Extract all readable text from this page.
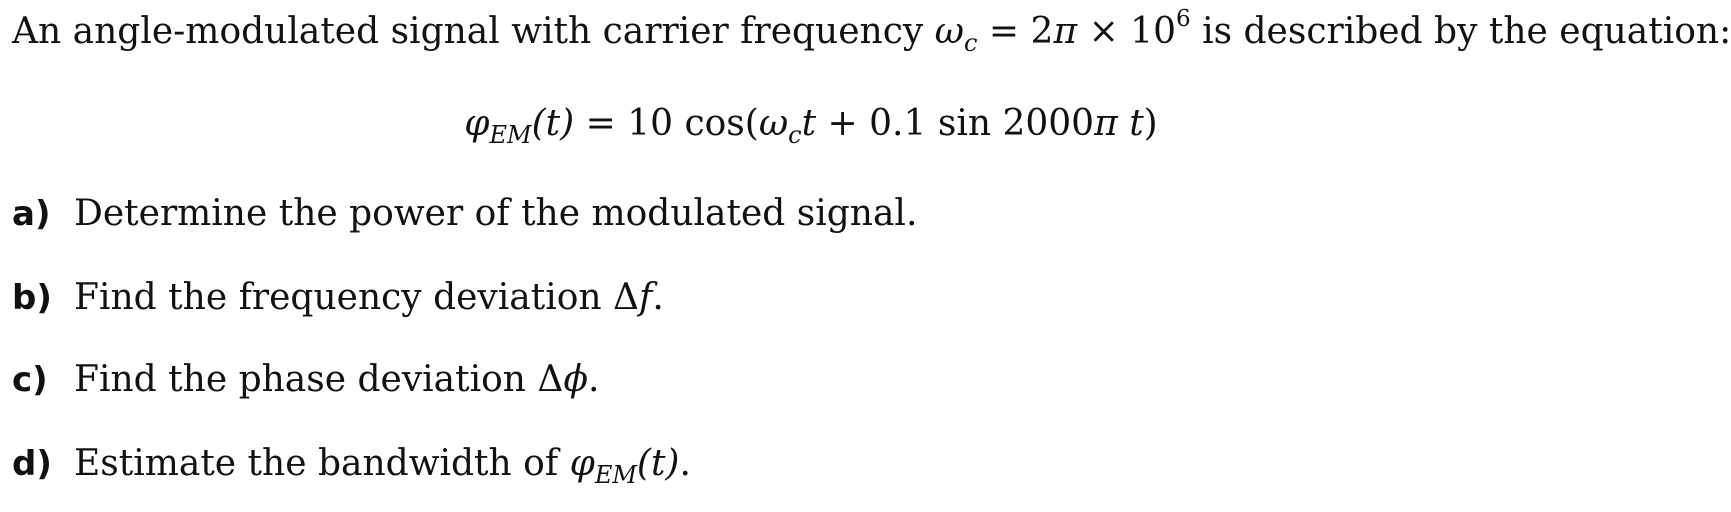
An angle-modulated signal with carrier frequency $\omega_c = 2\pi \times 10^6$ is described by the equation:
$\varphi_{EM}(t) = 10$ $\cos(\omega_ct + 0.1$ sin 2000π t)
a) Determine the power of the modulated signal.
b) Find the frequency deviation Δf.
c) Find the phase deviation Δϕ.
d) Estimate the bandwidth of $\varphi_{EM}(t)$.
